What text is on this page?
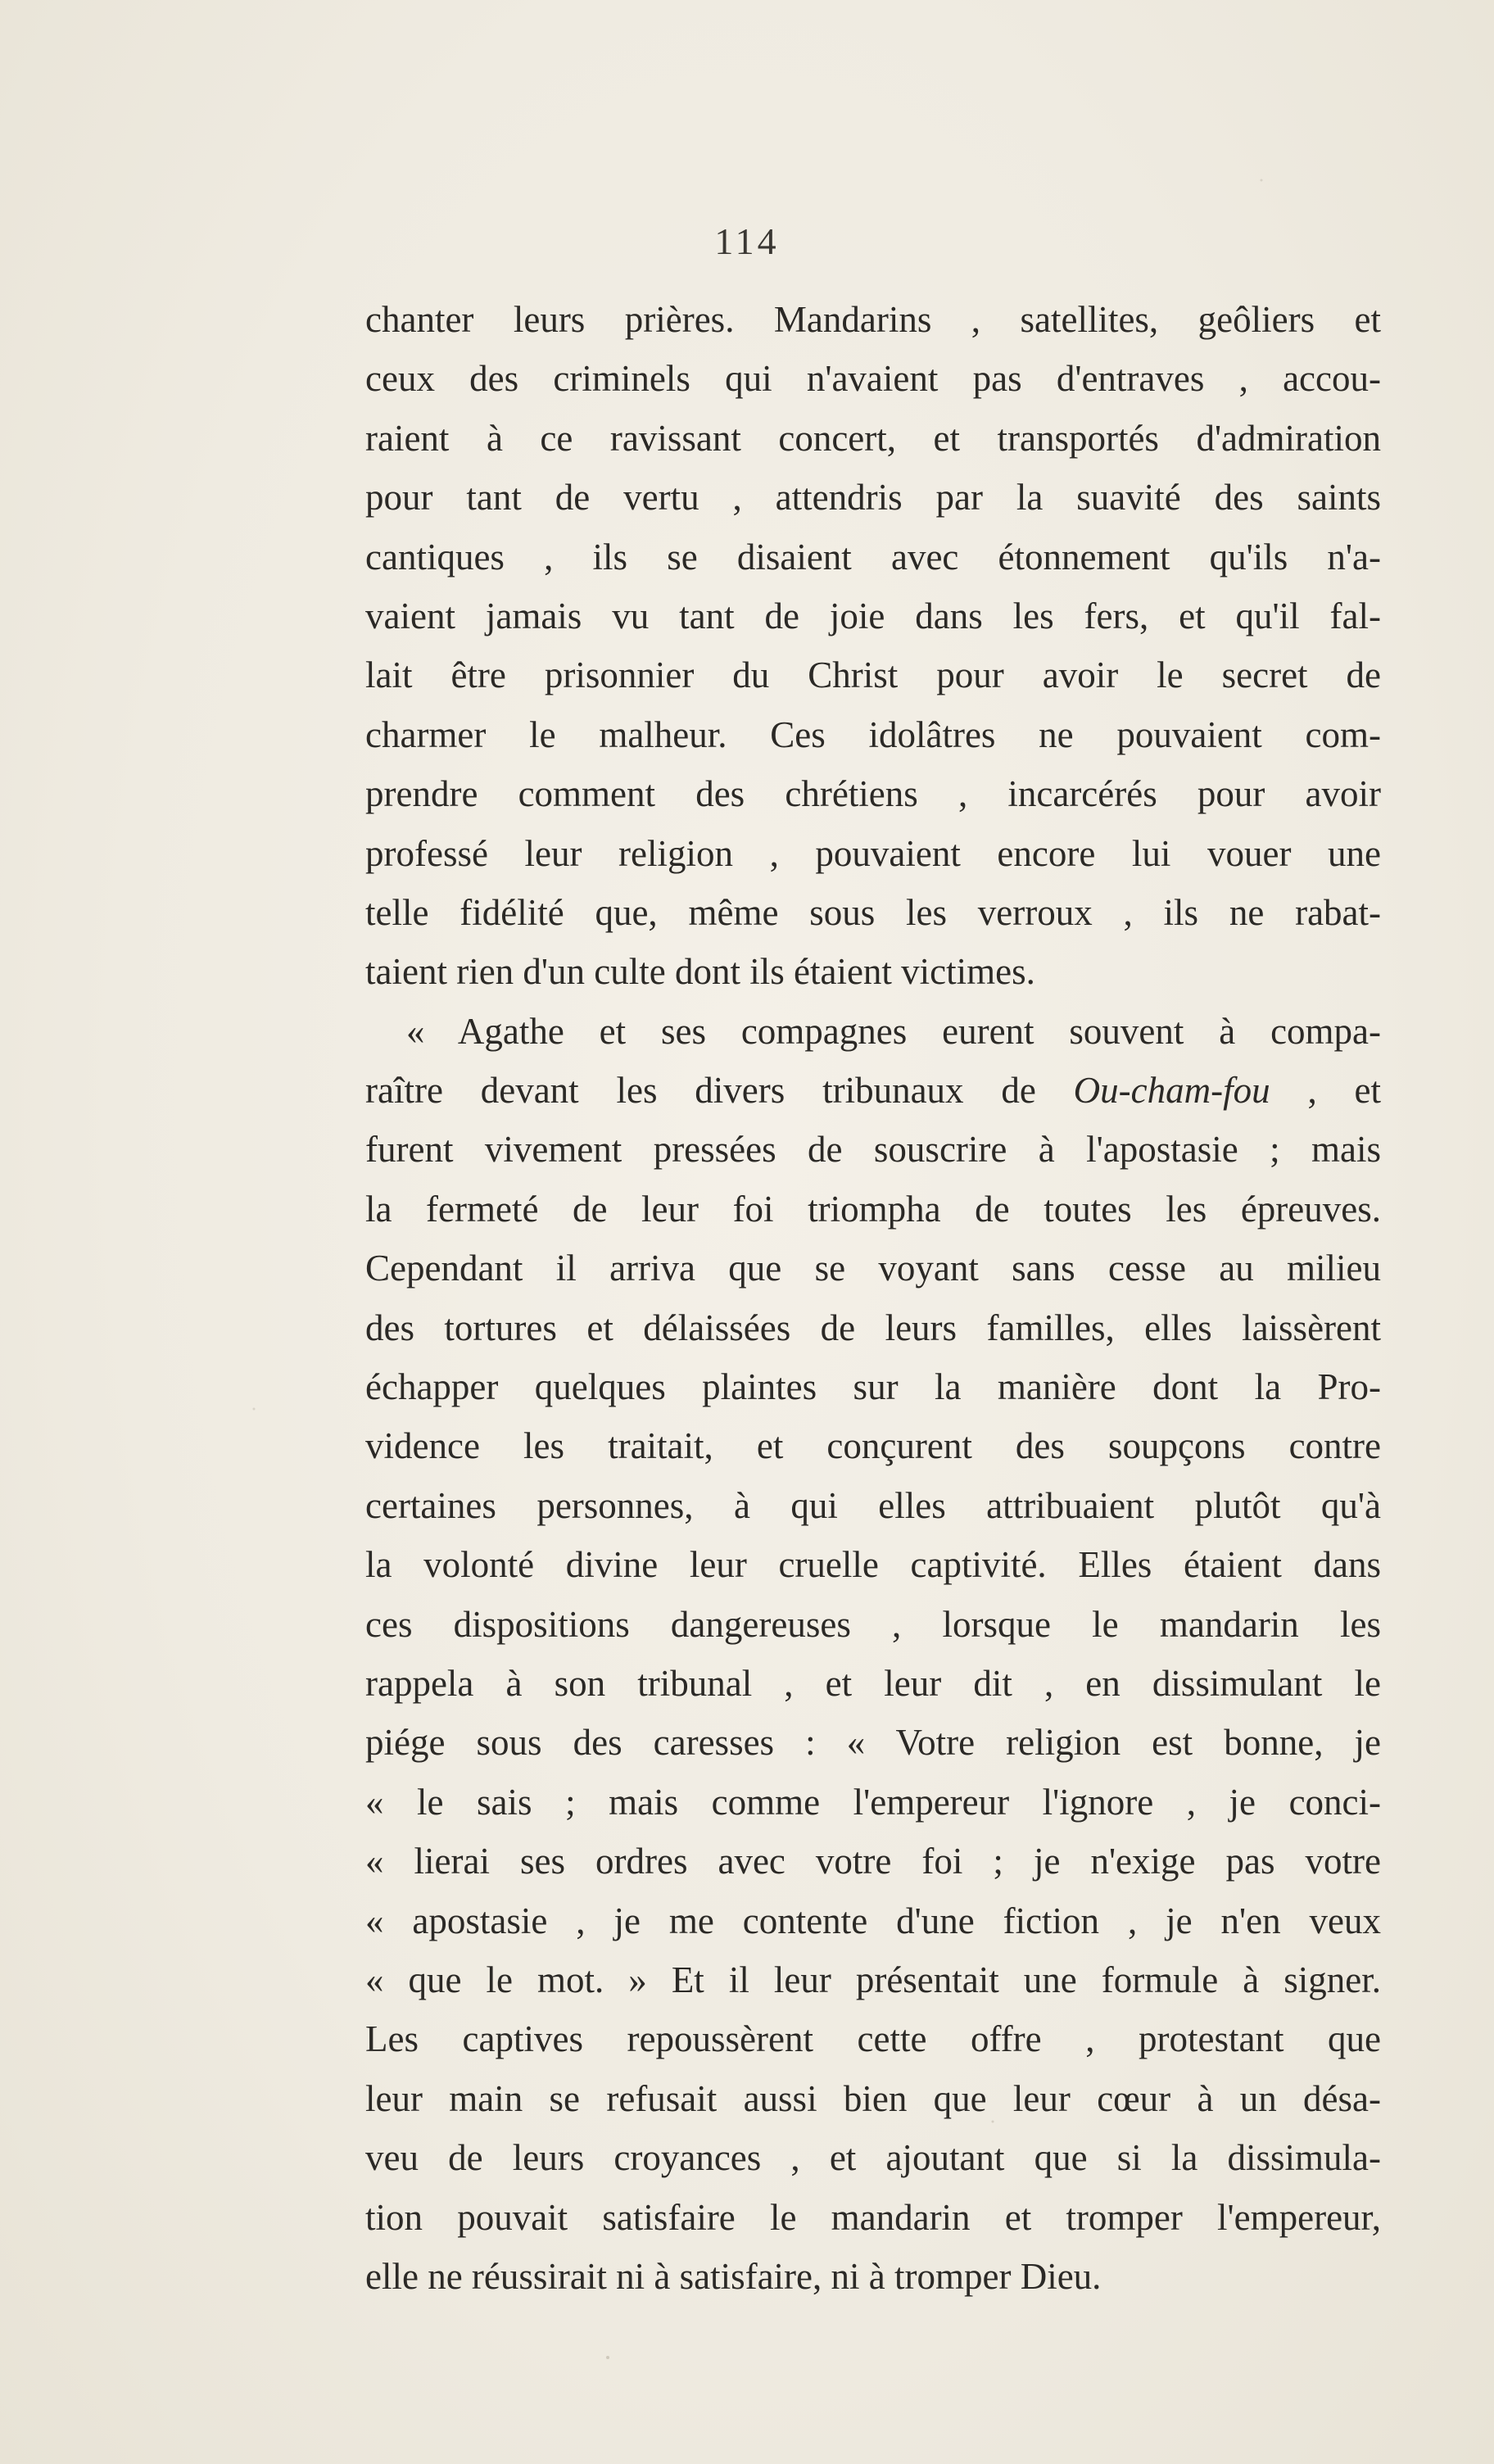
114
chanter leurs prières. Mandarins , satellites, geôliers et
ceux des criminels qui n'avaient pas d'entraves , accou-
raient à ce ravissant concert, et transportés d'admiration
pour tant de vertu , attendris par la suavité des saints
cantiques , ils se disaient avec étonnement qu'ils n'a-
vaient jamais vu tant de joie dans les fers, et qu'il fal-
lait être prisonnier du Christ pour avoir le secret de
charmer le malheur. Ces idolâtres ne pouvaient com-
prendre comment des chrétiens , incarcérés pour avoir
professé leur religion , pouvaient encore lui vouer une
telle fidélité que, même sous les verroux , ils ne rabat-
taient rien d'un culte dont ils étaient victimes.
« Agathe et ses compagnes eurent souvent à compa-
raître devant les divers tribunaux de Ou-cham-fou , et
furent vivement pressées de souscrire à l'apostasie ; mais
la fermeté de leur foi triompha de toutes les épreuves.
Cependant il arriva que se voyant sans cesse au milieu
des tortures et délaissées de leurs familles, elles laissèrent
échapper quelques plaintes sur la manière dont la Pro-
vidence les traitait, et conçurent des soupçons contre
certaines personnes, à qui elles attribuaient plutôt qu'à
la volonté divine leur cruelle captivité. Elles étaient dans
ces dispositions dangereuses , lorsque le mandarin les
rappela à son tribunal , et leur dit , en dissimulant le
piége sous des caresses : « Votre religion est bonne, je
« le sais ; mais comme l'empereur l'ignore , je conci-
« lierai ses ordres avec votre foi ; je n'exige pas votre
« apostasie , je me contente d'une fiction , je n'en veux
« que le mot. » Et il leur présentait une formule à signer.
Les captives repoussèrent cette offre , protestant que
leur main se refusait aussi bien que leur cœur à un désa-
veu de leurs croyances , et ajoutant que si la dissimula-
tion pouvait satisfaire le mandarin et tromper l'empereur,
elle ne réussirait ni à satisfaire, ni à tromper Dieu.
